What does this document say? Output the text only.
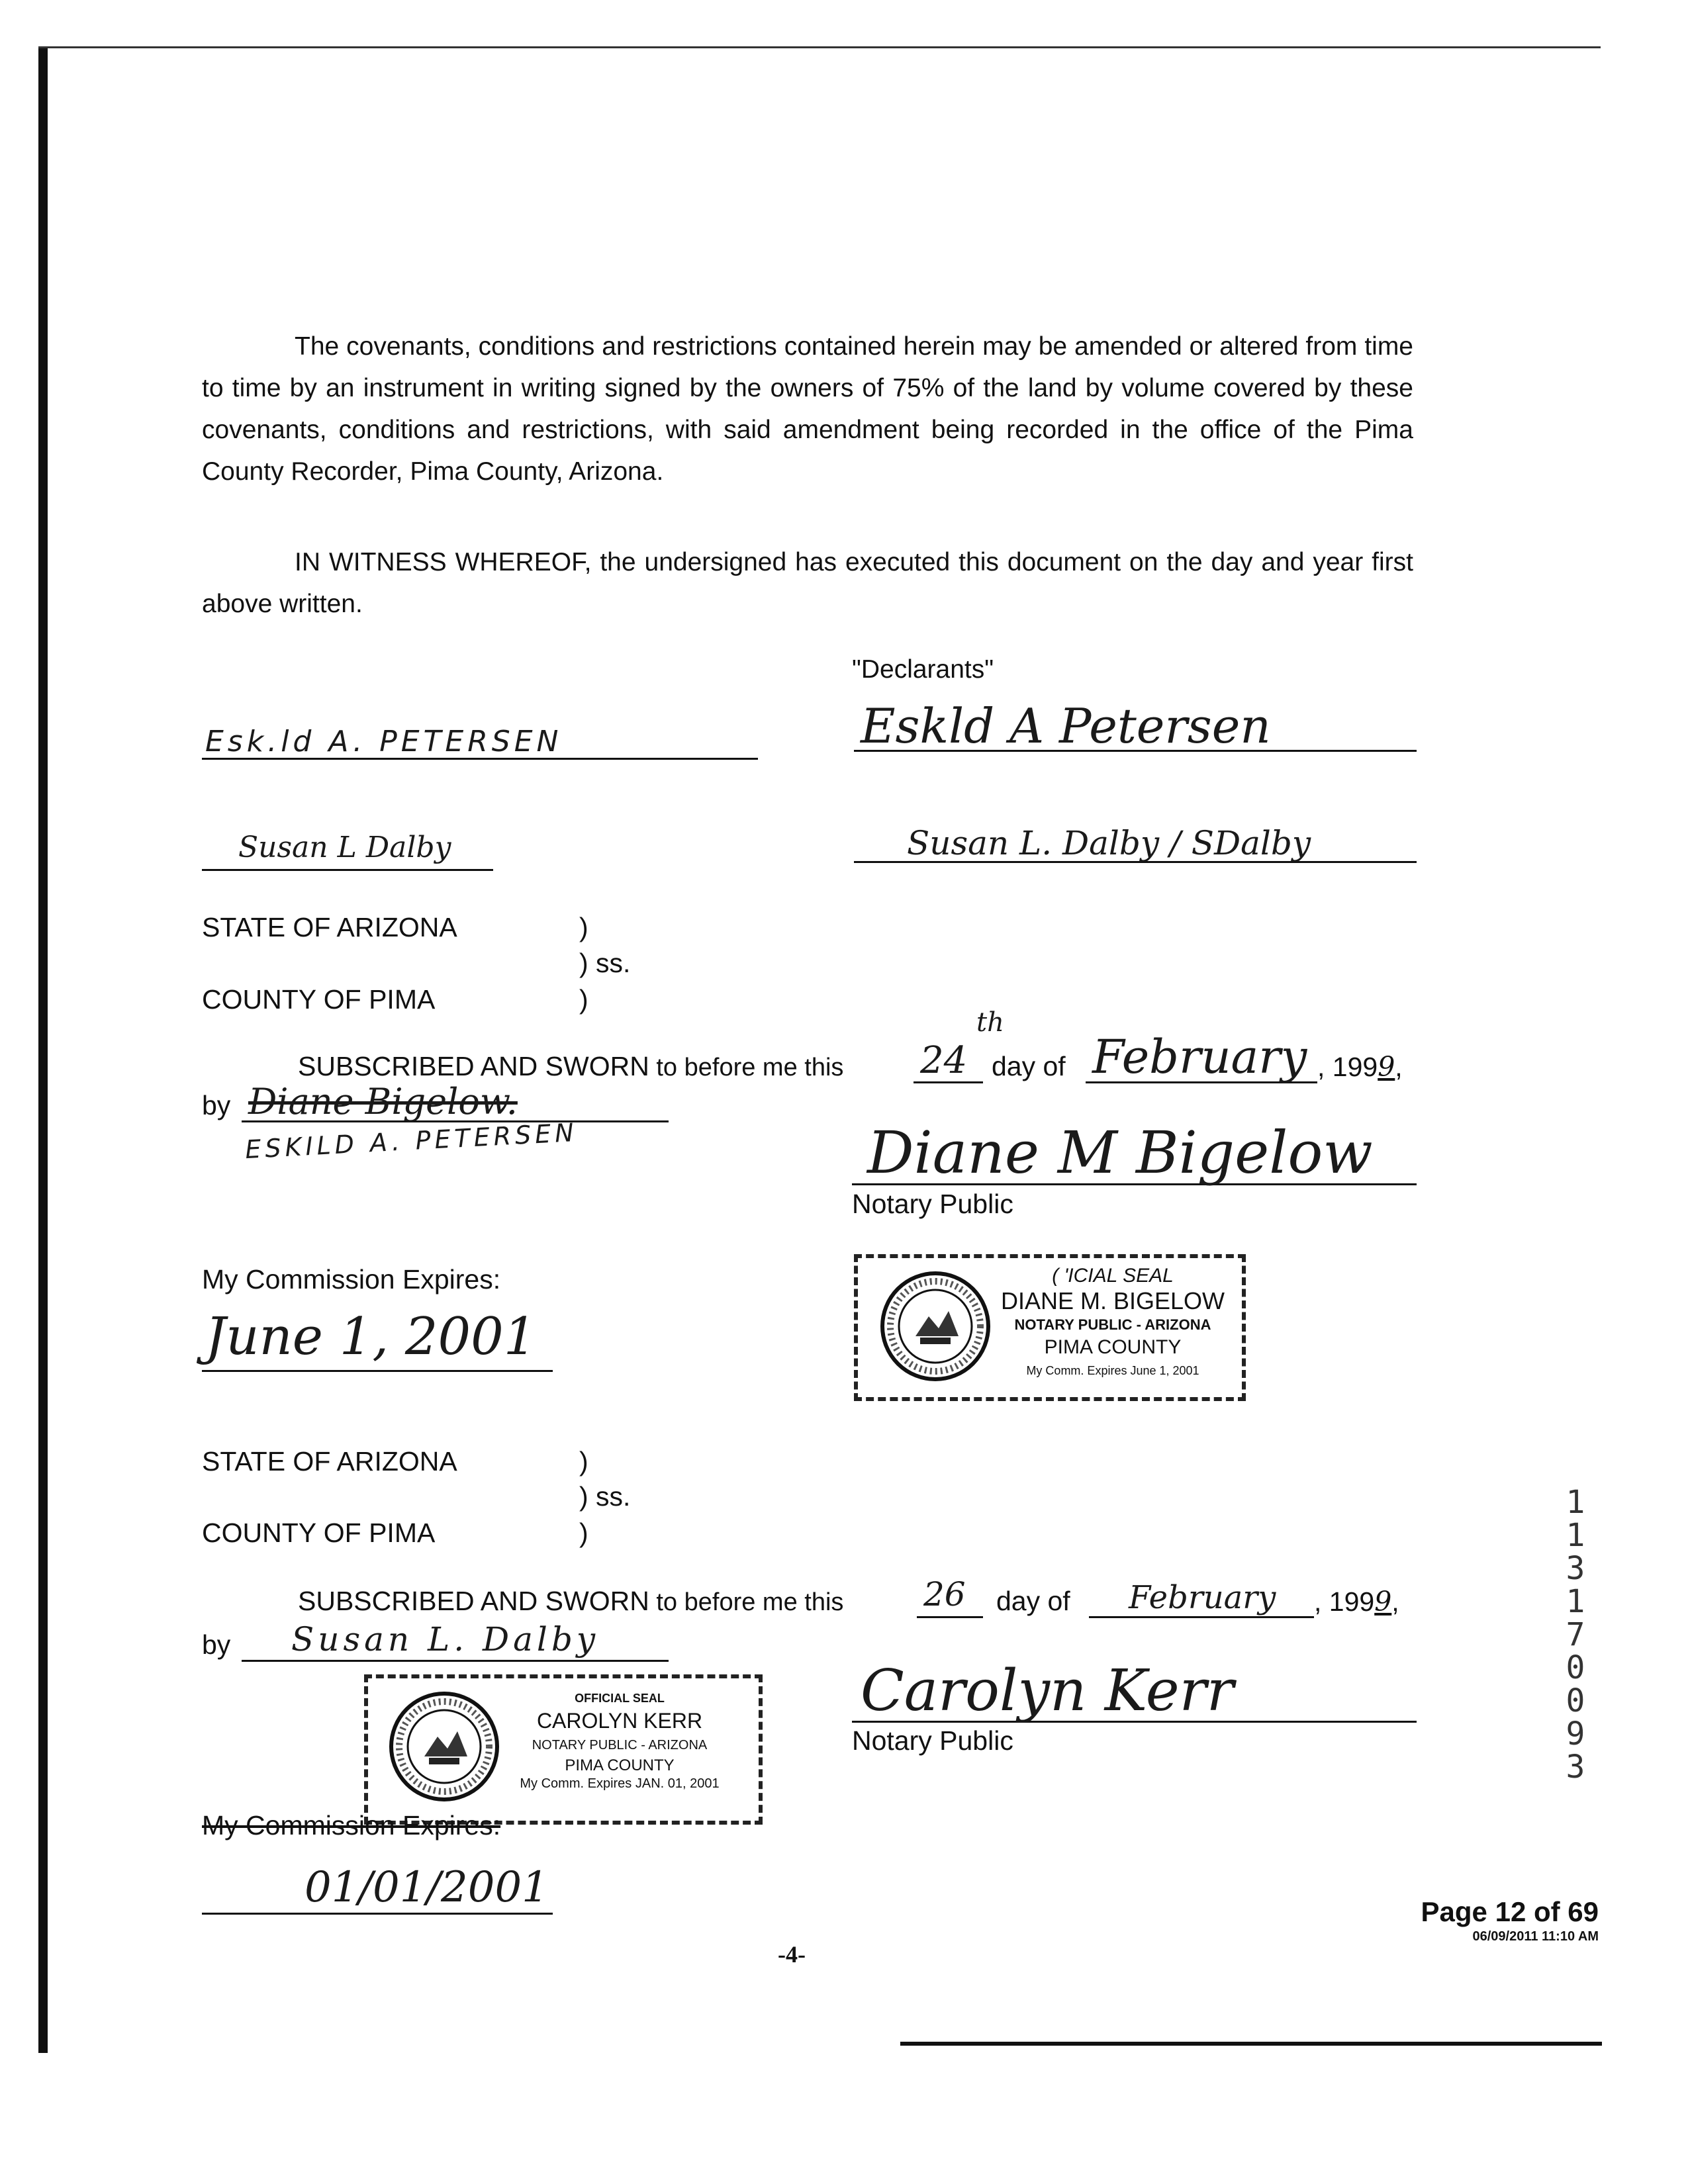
The covenants, conditions and restrictions contained herein may be amended or altered from time to time by an instrument in writing signed by the owners of 75% of the land by volume covered by these covenants, conditions and restrictions, with said amendment being recorded in the office of the Pima County Recorder, Pima County, Arizona.
IN WITNESS WHEREOF, the undersigned has executed this document on the day and year first above written.
"Declarants"
Esk.ld A. PETERSEN	Eskld A Petersen
Susan L Dalby	Susan L. Dalby / SDalby
STATE OF ARIZONA	)
) ss.
COUNTY OF PIMA	)
SUBSCRIBED AND SWORN to before me this 24
th
day of February , 1999,
by Diane Bigelow.
ESKILD A. PETERSEN	Diane M Bigelow
Notary Public
My Commission Expires:
June 1, 2001
( 'ICIAL SEAL
DIANE M. BIGELOW
NOTARY PUBLIC - ARIZONA
PIMA COUNTY
My Comm. Expires June 1, 2001
STATE OF ARIZONA	)
) ss.
COUNTY OF PIMA	)
SUBSCRIBED AND SWORN to before me this 26 day of February , 1999,
by Susan L. Dalby
OFFICIAL SEAL
CAROLYN KERR
NOTARY PUBLIC - ARIZONA
PIMA COUNTY
My Comm. Expires JAN. 01, 2001
Carolyn Kerr
Notary Public
My Commission Expires:
01/01/2001
1
1
3
1
7
0
0
9
3
-4-
Page 12 of 69
06/09/2011 11:10 AM
